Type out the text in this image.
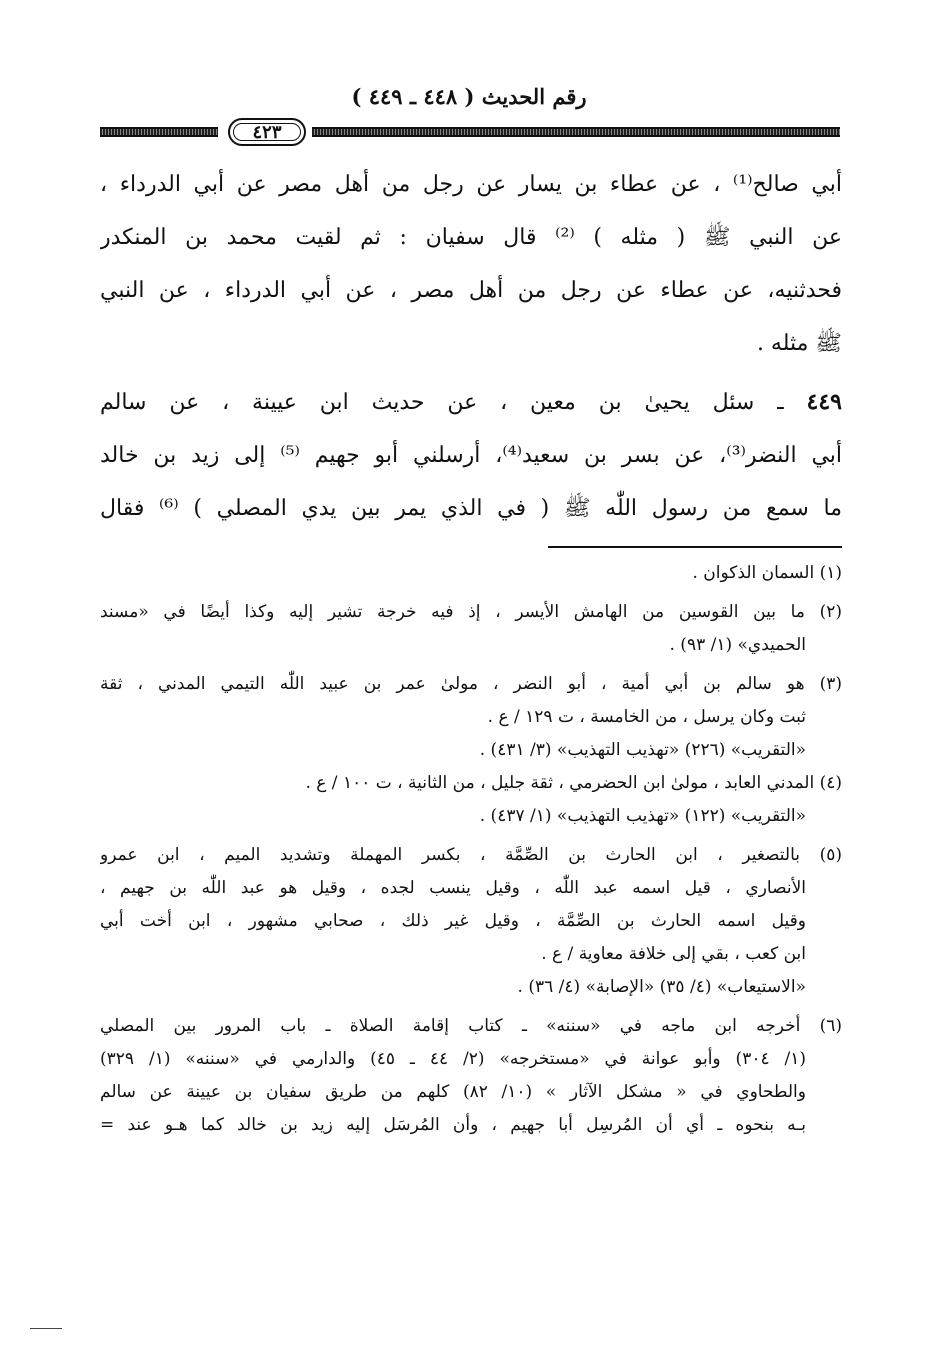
رقم الحديث ( ٤٤٨ ـ ٤٤٩ )
٤٢٣
أبي صالح⁽¹⁾ ، عن عطاء بن يسار عن رجل من أهل مصر عن أبي الدرداء ،
عن النبي ﷺ ( مثله ) ⁽²⁾ قال سفيان : ثم لقيت محمد بن المنكدر
فحدثنيه، عن عطاء عن رجل من أهل مصر ، عن أبي الدرداء ، عن النبي
ﷺ مثله .
٤٤٩ ـ سئل يحيىٰ بن معين ، عن حديث ابن عيينة ، عن سالم
أبي النضر⁽³⁾، عن بسر بن سعيد⁽⁴⁾، أرسلني أبو جهيم ⁽⁵⁾ إلى زيد بن خالد
ما سمع من رسول اللّٰه ﷺ ( في الذي يمر بين يدي المصلي ) ⁽⁶⁾ فقال
(١) السمان الذكوان .
(٢) ما بين القوسين من الهامش الأيسر ، إذ فيه خرجة تشير إليه وكذا أيضًا في «مسند
الحميدي» (١/ ٩٣) .
(٣) هو سالم بن أبي أمية ، أبو النضر ، مولىٰ عمر بن عبيد اللّٰه التيمي المدني ، ثقة
ثبت وكان يرسل ، من الخامسة ، ت ١٢٩ / ع .
«التقريب» (٢٢٦) «تهذيب التهذيب» (٣/ ٤٣١) .
(٤) المدني العابد ، مولىٰ ابن الحضرمي ، ثقة جليل ، من الثانية ، ت ١٠٠ / ع .
«التقريب» (١٢٢) «تهذيب التهذيب» (١/ ٤٣٧) .
(٥) بالتصغير ، ابن الحارث بن الصِّمَّة ، بكسر المهملة وتشديد الميم ، ابن عمرو
الأنصاري ، قيل اسمه عبد اللّٰه ، وقيل ينسب لجده ، وقيل هو عبد اللّٰه بن جهيم ،
وقيل اسمه الحارث بن الصِّمَّة ، وقيل غير ذلك ، صحابي مشهور ، ابن أخت أبي
ابن كعب ، بقي إلى خلافة معاوية / ع .
«الاستيعاب» (٤/ ٣٥) «الإصابة» (٤/ ٣٦) .
(٦) أخرجه ابن ماجه في «سننه» ـ كتاب إقامة الصلاة ـ باب المرور بين المصلي
(١/ ٣٠٤) وأبو عوانة في «مستخرجه» (٢/ ٤٤ ـ ٤٥) والدارمي في «سننه» (١/ ٣٢٩)
والطحاوي في « مشكل الآثار » (١٠/ ٨٢) كلهم من طريق سفيان بن عيينة عن سالم
بـه بنحوه ـ أي أن المُرسِل أبا جهيم ، وأن المُرسَل إليه زيد بن خالد كما هـو عند =
